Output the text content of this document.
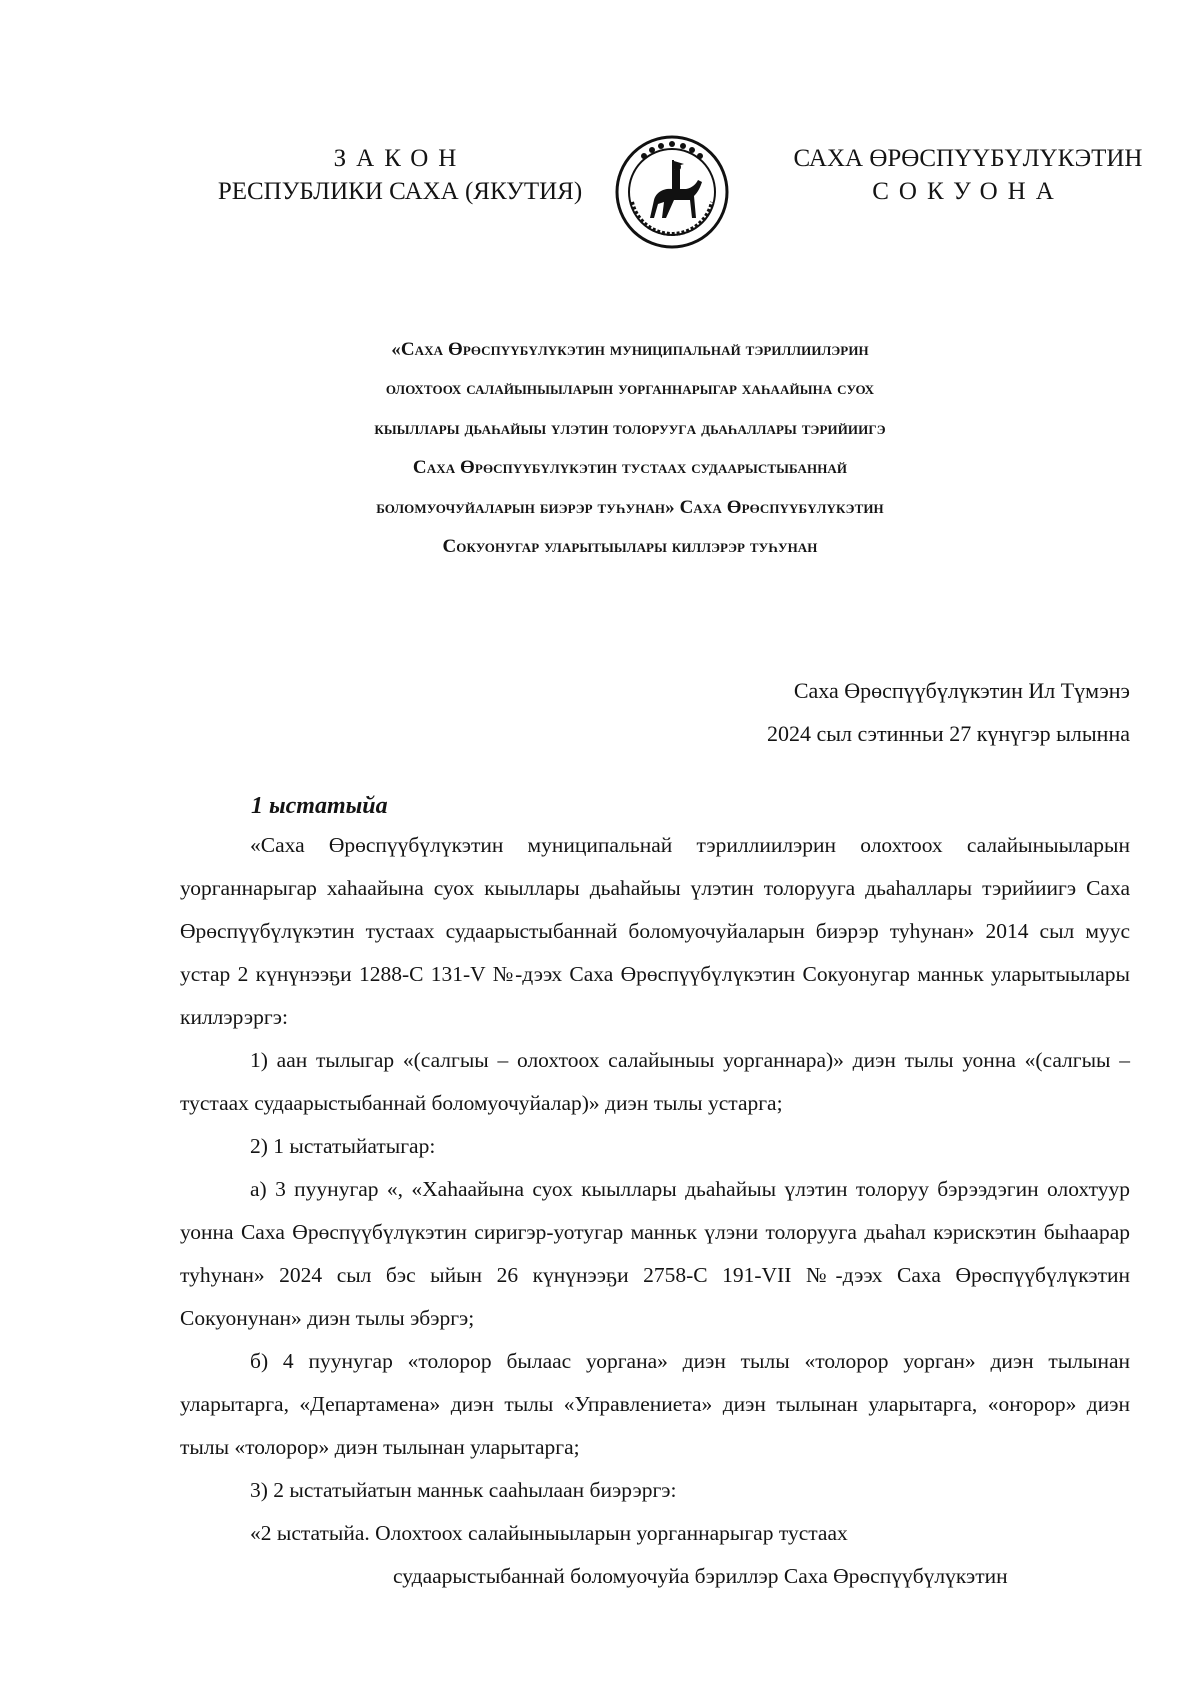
ЗАКОН
РЕСПУБЛИКИ САХА (ЯКУТИЯ)
САХА ӨРӨСПҮҮБҮЛҮКЭТИН
СОКУОНА
«Саха Өрөспүүбүлүкэтин муниципальнай тэриллиилэрин
олохтоох салайыныыларын уорганнарыгар хаһаайына суох
кыыллары дьаһайыы үлэтин толоруугa дьаһаллары тэрийиигэ
Саха Өрөспүүбүлүкэтин тустаах судаарыстыбаннай
боломуочуйаларын биэрэр туһунан» Саха Өрөспүүбүлүкэтин
Сокуонугар уларытыылары киллэрэр туһунан
Саха Өрөспүүбүлүкэтин Ил Түмэнэ
2024 сыл сэтинньи 27 күнүгэр ылынна
1 ыстатыйа

«Саха Өрөспүүбүлүкэтин муниципальнай тэриллиилэрин олохтоох салайыныыларын уорганнарыгар хаһаайына суох кыыллары дьаһайыы үлэтин толоруугa дьаһаллары тэрийиигэ Саха Өрөспүүбүлүкэтин тустаах судаарыстыбаннай боломуочуйаларын биэрэр туһунан» 2014 сыл муус устар 2 күнүнээҕи 1288-С 131-V №-дээх Саха Өрөспүүбүлүкэтин Сокуонугар манньк уларытыылары киллэрэргэ:

1) аан тылыгар «(салгыы – олохтоох салайыныы уорганнара)» диэн тылы уонна «(салгыы – тустаах судаарыстыбаннай боломуочуйалар)» диэн тылы устарга;

2) 1 ыстатыйатыгар:

а) 3 пуунугар «, «Хаһаайына суох кыыллары дьаһайыы үлэтин толоруу бэрээдэгин олохтуур уонна Саха Өрөспүүбүлүкэтин сиригэр-уотугар манньк үлэни толоруугa дьаһал кэрискэтин быһаарар туһунан» 2024 сыл бэс ыйын 26 күнүнээҕи 2758-С 191-VII №-дээх Саха Өрөспүүбүлүкэтин Сокуонунан» диэн тылы эбэргэ;

б) 4 пуунугар «толорор былаас уоргана» диэн тылы «толорор уорган» диэн тылынан уларытарга, «Департамена» диэн тылы «Управлениета» диэн тылынан уларытарга, «оҥорор» диэн тылы «толорор» диэн тылынан уларытарга;

3) 2 ыстатыйатын манньк сааһылаан биэрэргэ:

«2 ыстатыйа. Олохтоох салайыныыларын уорганнарыгар тустаах

судаарыстыбаннай боломуочуйа бэриллэр Саха Өрөспүүбүлүкэтин
